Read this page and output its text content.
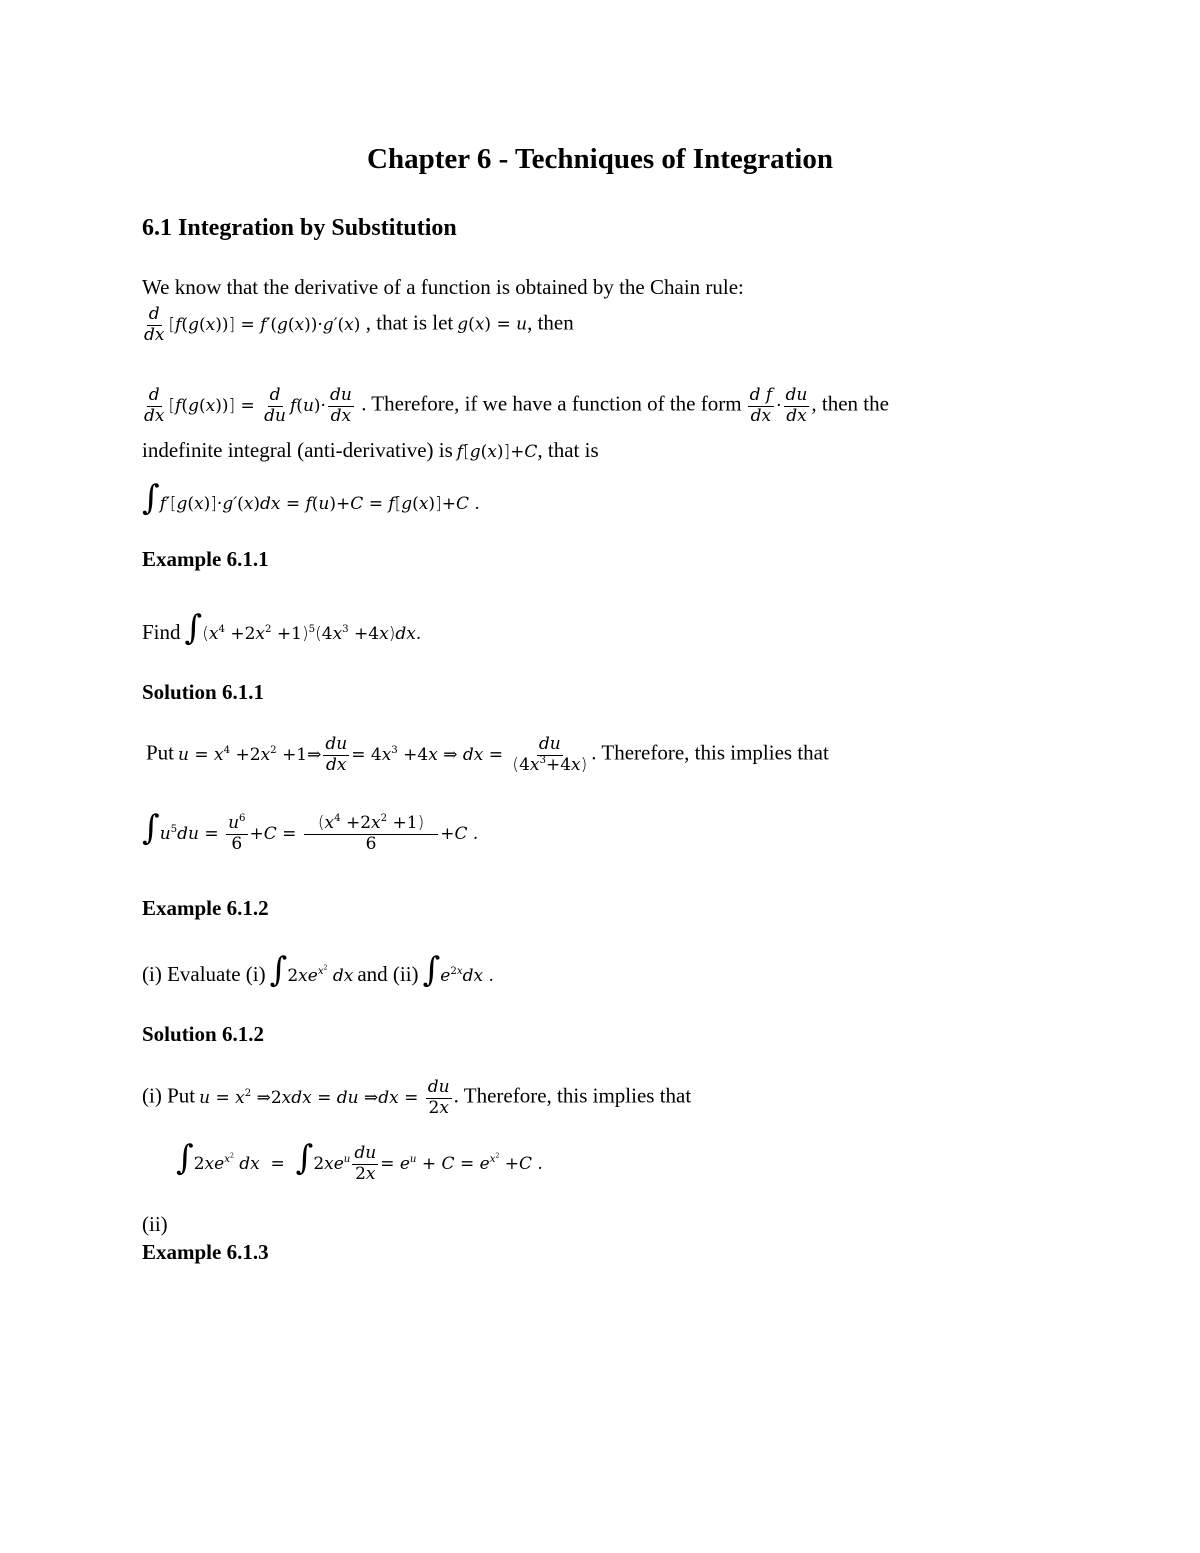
Chapter 6 - Techniques of Integration
6.1 Integration by Substitution
We know that the derivative of a function is obtained by the Chain rule:
$\frac{d}{dx} [f(g(x))] = f'(g(x))\cdot g'(x)$ , that is let g(x) = u, then
$\frac{d}{dx} [f(g(x))] = \frac{d}{du} f(u)\cdot \frac{du}{dx}$ . Therefore, if we have a function of the form $\frac{\text{d f}}{dx} \cdot \frac{du}{dx}$ , then the
indefinite integral (anti-derivative) is f[g(x)]+C, that is
∫f′[g(x)]·g′(x)dx = f(u)+C = f[g(x)]+C .
Example 6.1.1
Find $\int(x^4 +2x^2 +1)^5(4x^3 +4x)dx$.
Solution 6.1.1
Put $u = x^4 +2x^2$ +1⇒ $\frac{du}{dx} = 4x^3 +4x$ ⇒ dx = $\frac{du}{(4x^3+4x)}$ . Therefore, this implies that
$\int u^5du = \frac{u^6}{6} +C = \frac{(x^4 +2x^2 +1)}{6} +C$ .
Example 6.1.2
(i) Evaluate (i) $\int 2xe^{x^2}$ dx and (ii) $\int e^{2x}dx$ .
Solution 6.1.2
(i) Put $u = x^2$ ⇒2xdx = du ⇒dx = $\frac{du}{2x}$ . Therefore, this implies that
$\int 2xe^{x^2}$ dx  =  $\int 2xe^u \frac{du}{2x} = e^u + C = e^{x^2} +C$ .
(ii)
Example 6.1.3
